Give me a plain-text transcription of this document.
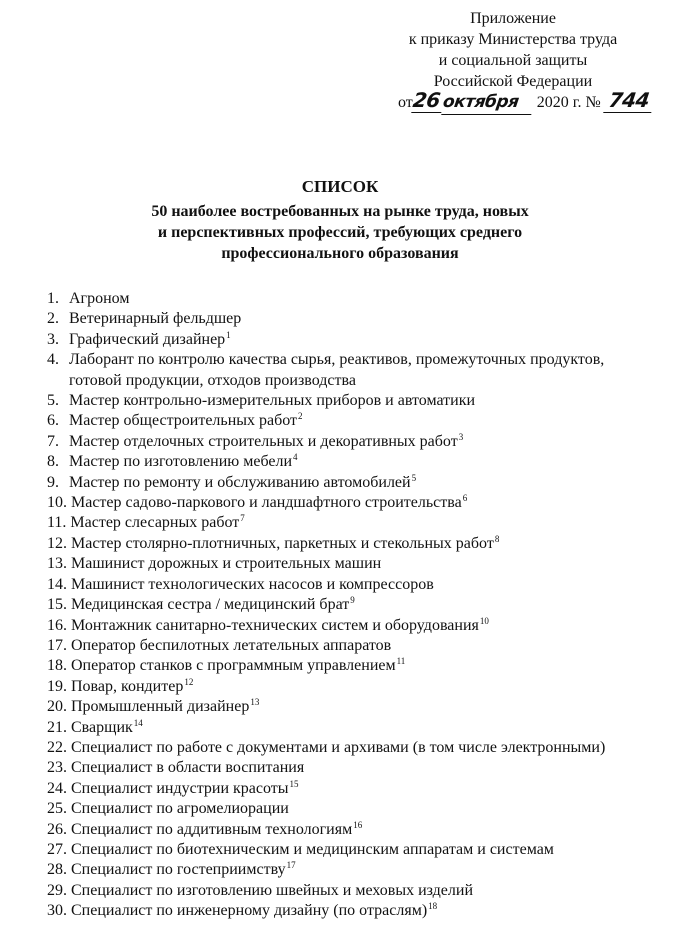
Приложение
к приказу Министерства труда
и социальной защиты
Российской Федерации
от26октября 2020 г. № 744
СПИСОК
50 наиболее востребованных на рынке труда, новых
и перспективных профессий, требующих среднего
профессионального образования
1. Агроном
2. Ветеринарный фельдшер
3. Графический дизайнер$^1$
4. Лаборант по контролю качества сырья, реактивов, промежуточных продуктов,
готовой продукции, отходов производства
5. Мастер контрольно-измерительных приборов и автоматики
6. Мастер общестроительных работ$^2$
7. Мастер отделочных строительных и декоративных работ$^3$
8. Мастер по изготовлению мебели$^4$
9. Мастер по ремонту и обслуживанию автомобилей$^5$
10. Мастер садово-паркового и ландшафтного строительства$^6$
11. Мастер слесарных работ$^7$
12. Мастер столярно-плотничных, паркетных и стекольных работ$^8$
13. Машинист дорожных и строительных машин
14. Машинист технологических насосов и компрессоров
15. Медицинская сестра / медицинский брат$^9$
16. Монтажник санитарно-технических систем и оборудования$^{10}$
17. Оператор беспилотных летательных аппаратов
18. Оператор станков с программным управлением$^{11}$
19. Повар, кондитер$^{12}$
20. Промышленный дизайнер$^{13}$
21. Сварщик$^{14}$
22. Специалист по работе с документами и архивами (в том числе электронными)
23. Специалист в области воспитания
24. Специалист индустрии красоты$^{15}$
25. Специалист по агромелиорации
26. Специалист по аддитивным технологиям$^{16}$
27. Специалист по биотехническим и медицинским аппаратам и системам
28. Специалист по гостеприимству$^{17}$
29. Специалист по изготовлению швейных и меховых изделий
30. Специалист по инженерному дизайну (по отраслям)$^{18}$
